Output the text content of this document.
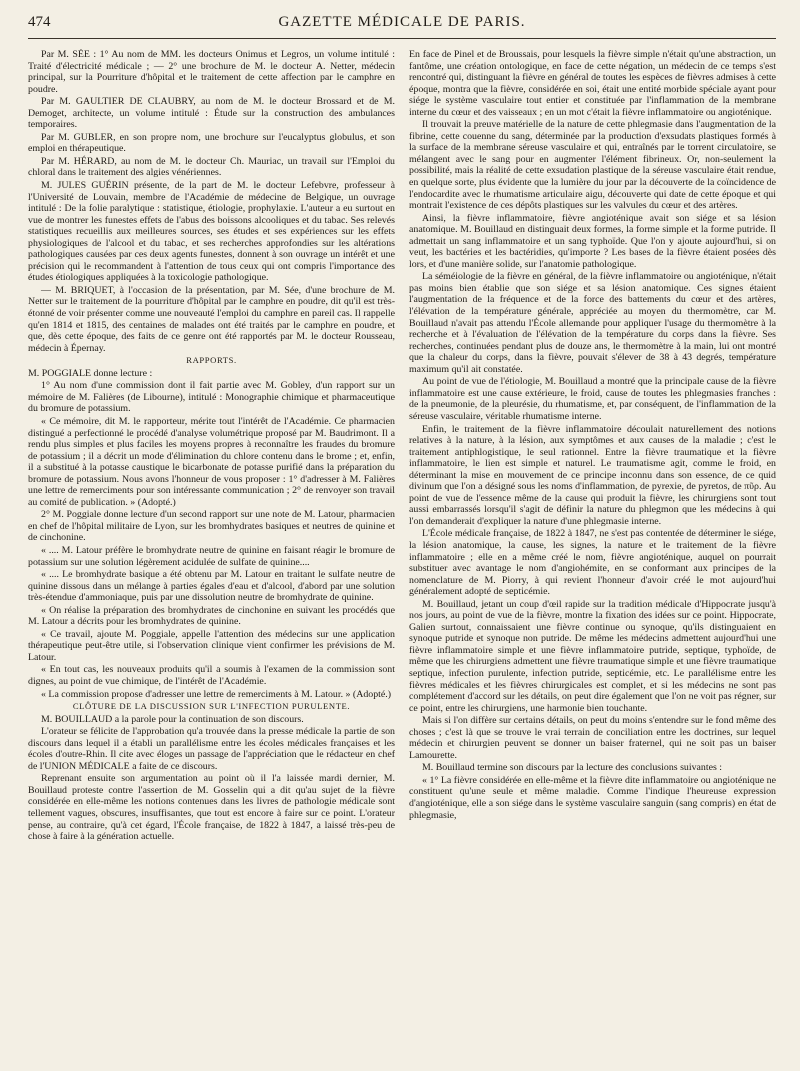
474	GAZETTE MÉDICALE DE PARIS.

Par M. SÉE : 1° Au nom de MM. les docteurs Onimus et Legros, un volume intitulé : Traité d'électricité médicale ; — 2° une brochure de M. le docteur A. Netter, médecin principal, sur la Pourriture d'hôpital et le traitement de cette affection par le camphre en poudre.

Par M. GAULTIER DE CLAUBRY, au nom de M. le docteur Brossard et de M. Demoget, architecte, un volume intitulé : Étude sur la construction des ambulances temporaires.

Par M. GUBLER, en son propre nom, une brochure sur l'eucalyptus globulus, et son emploi en thérapeutique.

Par M. HÉRARD, au nom de M. le docteur Ch. Mauriac, un travail sur l'Emploi du chloral dans le traitement des algies vénériennes.

M. JULES GUÉRIN présente, de la part de M. le docteur Lefebvre, professeur à l'Université de Louvain, membre de l'Académie de médecine de Belgique, un ouvrage intitulé : De la folie paralytique : statistique, étiologie, prophylaxie. L'auteur a eu surtout en vue de montrer les funestes effets de l'abus des boissons alcooliques et du tabac. Ses relevés statistiques recueillis aux meilleures sources, ses études et ses expériences sur les effets physiologiques de l'alcool et du tabac, et ses recherches approfondies sur les altérations pathologiques causées par ces deux agents funestes, donnent à son ouvrage un intérêt et une précision qui le recommandent à l'attention de tous ceux qui ont compris l'importance des études étiologiques appliquées à la toxicologie pathologique.

— M. BRIQUET, à l'occasion de la présentation, par M. Sée, d'une brochure de M. Netter sur le traitement de la pourriture d'hôpital par le camphre en poudre, dit qu'il est très-étonné de voir présenter comme une nouveauté l'emploi du camphre en pareil cas. Il rappelle qu'en 1814 et 1815, des centaines de malades ont été traités par le camphre en poudre, et que, dès cette époque, des faits de ce genre ont été rapportés par M. le docteur Rousseau, médecin à Épernay.

RAPPORTS.

M. POGGIALE donne lecture :

1° Au nom d'une commission dont il fait partie avec M. Gobley, d'un rapport sur un mémoire de M. Falières (de Libourne), intitulé : Monographie chimique et pharmaceutique du bromure de potassium.

« Ce mémoire, dit M. le rapporteur, mérite tout l'intérêt de l'Académie. Ce pharmacien distingué a perfectionné le procédé d'analyse volumétrique proposé par M. Baudrimont. Il a rendu plus simples et plus faciles les moyens propres à reconnaître les fraudes du bromure de potassium ; il a décrit un mode d'élimination du chlore contenu dans le brome ; et, enfin, il a substitué à la potasse caustique le bicarbonate de potasse purifié dans la préparation du bromure de potassium. Nous avons l'honneur de vous proposer : 1° d'adresser à M. Falières une lettre de remerciments pour son intéressante communication ; 2° de renvoyer son travail au comité de publication. » (Adopté.)

2° M. Poggiale donne lecture d'un second rapport sur une note de M. Latour, pharmacien en chef de l'hôpital militaire de Lyon, sur les bromhydrates basiques et neutres de quinine et de cinchonine.

« .... M. Latour préfère le bromhydrate neutre de quinine en faisant réagir le bromure de potassium sur une solution légèrement acidulée de sulfate de quinine....

« .... Le bromhydrate basique a été obtenu par M. Latour en traitant le sulfate neutre de quinine dissous dans un mélange à parties égales d'eau et d'alcool, d'abord par une solution très-étendue d'ammoniaque, puis par une dissolution neutre de bromhydrate de quinine.

« On réalise la préparation des bromhydrates de cinchonine en suivant les procédés que M. Latour a décrits pour les bromhydrates de quinine.

« Ce travail, ajoute M. Poggiale, appelle l'attention des médecins sur une application thérapeutique peut-être utile, si l'observation clinique vient confirmer les prévisions de M. Latour.

« En tout cas, les nouveaux produits qu'il a soumis à l'examen de la commission sont dignes, au point de vue chimique, de l'intérêt de l'Académie.

« La commission propose d'adresser une lettre de remerciments à M. Latour. » (Adopté.)

CLÔTURE DE LA DISCUSSION SUR L'INFECTION PURULENTE.

M. BOUILLAUD a la parole pour la continuation de son discours.

L'orateur se félicite de l'approbation qu'a trouvée dans la presse médicale la partie de son discours dans lequel il a établi un parallélisme entre les écoles médicales françaises et les écoles d'outre-Rhin. Il cite avec éloges un passage de l'appréciation que le rédacteur en chef de l'UNION MÉDICALE a faite de ce discours.

Reprenant ensuite son argumentation au point où il l'a laissée mardi dernier, M. Bouillaud proteste contre l'assertion de M. Gosselin qui a dit qu'au sujet de la fièvre considérée en elle-même les notions contenues dans les livres de pathologie médicale sont tellement vagues, obscures, insuffisantes, que tout est encore à faire sur ce point. L'orateur pense, au contraire, qu'à cet égard, l'École française, de 1822 à 1847, a laissé très-peu de chose à faire à la génération actuelle.

En face de Pinel et de Broussais, pour lesquels la fièvre simple n'était qu'une abstraction, un fantôme, une création ontologique, en face de cette négation, un médecin de ce temps s'est rencontré qui, distinguant la fièvre en général de toutes les espèces de fièvres admises à cette époque, montra que la fièvre, considérée en soi, était une entité morbide spéciale ayant pour siége le système vasculaire tout entier et constituée par l'inflammation de la membrane interne du cœur et des vaisseaux ; en un mot c'était la fièvre inflammatoire ou angioténique.

Il trouvait la preuve matérielle de la nature de cette phlegmasie dans l'augmentation de la fibrine, cette couenne du sang, déterminée par la production d'exsudats plastiques formés à la surface de la membrane séreuse vasculaire et qui, entraînés par le torrent circulatoire, se mélangent avec le sang pour en augmenter l'élément fibrineux. Or, non-seulement la possibilité, mais la réalité de cette exsudation plastique de la séreuse vasculaire était rendue, en quelque sorte, plus évidente que la lumière du jour par la découverte de la coïncidence de l'endocardite avec le rhumatisme articulaire aigu, découverte qui date de cette époque et qui montrait l'existence de ces dépôts plastiques sur les valvules du cœur et des artères.

Ainsi, la fièvre inflammatoire, fièvre angioténique avait son siége et sa lésion anatomique. M. Bouillaud en distinguait deux formes, la forme simple et la forme putride. Il admettait un sang inflammatoire et un sang typhoïde. Que l'on y ajoute aujourd'hui, si on veut, les bactéries et les bactéridies, qu'importe ? Les bases de la fièvre étaient posées dès lors, et d'une manière solide, sur l'anatomie pathologique.

La séméiologie de la fièvre en général, de la fièvre inflammatoire ou angioténique, n'était pas moins bien établie que son siége et sa lésion anatomique. Ces signes étaient l'augmentation de la fréquence et de la force des battements du cœur et des artères, l'élévation de la température générale, appréciée au moyen du thermomètre, car M. Bouillaud n'avait pas attendu l'École allemande pour appliquer l'usage du thermomètre à la recherche et à l'évaluation de l'élévation de la température du corps dans la fièvre. Ses recherches, continuées pendant plus de douze ans, le thermomètre à la main, lui ont montré que la chaleur du corps, dans la fièvre, pouvait s'élever de 38 à 43 degrés, température maximum qu'il ait constatée.

Au point de vue de l'étiologie, M. Bouillaud a montré que la principale cause de la fièvre inflammatoire est une cause extérieure, le froid, cause de toutes les phlegmasies franches : de la pneumonie, de la pleurésie, du rhumatisme, et, par conséquent, de l'inflammation de la séreuse vasculaire, véritable rhumatisme interne.

Enfin, le traitement de la fièvre inflammatoire découlait naturellement des notions relatives à la nature, à la lésion, aux symptômes et aux causes de la maladie ; c'est le traitement antiphlogistique, le seul rationnel. Entre la fièvre traumatique et la fièvre inflammatoire, le lien est simple et naturel. Le traumatisme agit, comme le froid, en déterminant la mise en mouvement de ce principe inconnu dans son essence, de ce quid divinum que l'on a désigné sous les noms d'inflammation, de pyrexie, de pyretos, de πῦρ. Au point de vue de l'essence même de la cause qui produit la fièvre, les chirurgiens sont tout aussi embarrassés lorsqu'il s'agit de définir la nature du phlegmon que les médecins à qui l'on demanderait d'expliquer la nature d'une phlegmasie interne.

L'École médicale française, de 1822 à 1847, ne s'est pas contentée de déterminer le siége, la lésion anatomique, la cause, les signes, la nature et le traitement de la fièvre inflammatoire ; elle en a même créé le nom, fièvre angioténique, auquel on pourrait substituer avec avantage le nom d'angiohémite, en se conformant aux principes de la nomenclature de M. Piorry, à qui revient l'honneur d'avoir créé le mot aujourd'hui généralement adopté de septicémie.

M. Bouillaud, jetant un coup d'œil rapide sur la tradition médicale d'Hippocrate jusqu'à nos jours, au point de vue de la fièvre, montre la fixation des idées sur ce point. Hippocrate, Galien surtout, connaissaient une fièvre continue ou synoque, qu'ils distinguaient en synoque putride et synoque non putride. De même les médecins admettent aujourd'hui une fièvre inflammatoire simple et une fièvre inflammatoire putride, septique, typhoïde, de même que les chirurgiens admettent une fièvre traumatique simple et une fièvre traumatique septique, infection purulente, infection putride, septicémie, etc. Le parallélisme entre les fièvres médicales et les fièvres chirurgicales est complet, et si les médecins ne sont pas complétement d'accord sur les détails, on peut dire également que l'on ne voit pas régner, sur ce point, entre les chirurgiens, une harmonie bien touchante.

Mais si l'on diffère sur certains détails, on peut du moins s'entendre sur le fond même des choses ; c'est là que se trouve le vrai terrain de conciliation entre les doctrines, sur lequel médecin et chirurgien peuvent se donner un baiser fraternel, qui ne soit pas un baiser Lamourette.

M. Bouillaud termine son discours par la lecture des conclusions suivantes :

« 1° La fièvre considérée en elle-même et la fièvre dite inflammatoire ou angioténique ne constituent qu'une seule et même maladie. Comme l'indique l'heureuse expression d'angioténique, elle a son siége dans le système vasculaire sanguin (sang compris) en état de phlegmasie,
